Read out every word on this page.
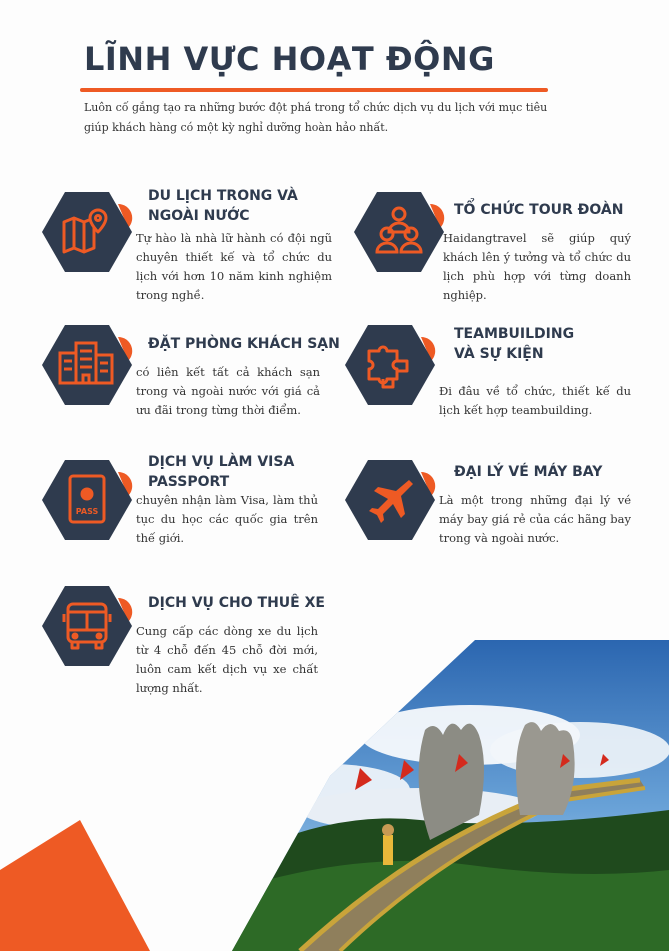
LĨNH VỰC HOẠT ĐỘNG

Luôn cố gắng tạo ra những bước đột phá trong tổ chức dịch vụ du lịch với mục tiêu
giúp khách hàng có một kỳ nghỉ dưỡng hoàn hảo nhất.

DU LỊCH TRONG VÀ
NGOÀI NƯỚC

Tự hào là nhà lữ hành có đội ngũ chuyên thiết kế và tổ chức du lịch với hơn 10 năm kinh nghiệm trong nghề.

TỔ CHỨC TOUR ĐOÀN

Haidangtravel sẽ giúp quý khách lên ý tưởng và tổ chức du lịch phù hợp với từng doanh nghiệp.

ĐẶT PHÒNG KHÁCH SẠN

có liên kết tất cả khách sạn trong và ngoài nước với giá cả ưu đãi trong từng thời điểm.

TEAMBUILDING
VÀ SỰ KIỆN

Đi đâu về tổ chức, thiết kế du lịch kết hợp teambuilding.

PASS
DỊCH VỤ LÀM VISA
PASSPORT

chuyên nhận làm Visa, làm thủ tục du học các quốc gia trên thế giới.

ĐẠI LÝ VÉ MÁY BAY

Là một trong những đại lý vé máy bay giá rẻ của các hãng bay trong và ngoài nước.

DỊCH VỤ CHO THUÊ XE

Cung cấp các dòng xe du lịch từ 4 chỗ đến 45 chỗ đời mới, luôn cam kết dịch vụ xe chất lượng nhất.
